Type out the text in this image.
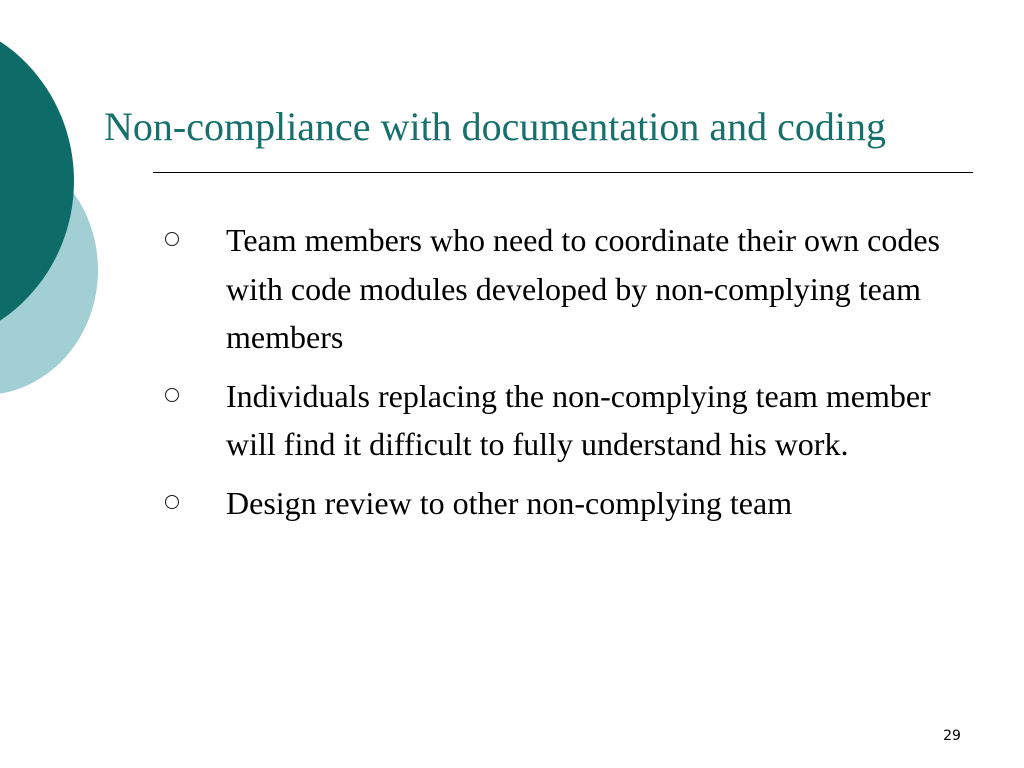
Non-compliance with documentation and coding
Team members who need to coordinate their own codes with code modules developed by non-complying team members
Individuals replacing the non-complying team member will find it difficult to fully understand his work.
Design review to other non-complying team
29
